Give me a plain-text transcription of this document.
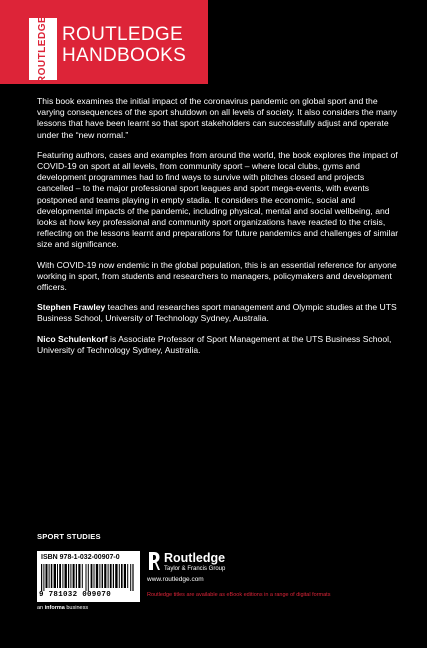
ROUTLEDGE ROUTLEDGE
HANDBOOKS

This book examines the initial impact of the coronavirus pandemic on global sport and the varying consequences of the sport shutdown on all levels of society. It also considers the many lessons that have been learnt so that sport stakeholders can successfully adjust and operate under the “new normal.”

Featuring authors, cases and examples from around the world, the book explores the impact of COVID-19 on sport at all levels, from community sport – where local clubs, gyms and development programmes had to find ways to survive with pitches closed and projects cancelled – to the major professional sport leagues and sport mega-events, with events postponed and teams playing in empty stadia. It considers the economic, social and developmental impacts of the pandemic, including physical, mental and social wellbeing, and looks at how key professional and community sport organizations have reacted to the crisis, reflecting on the lessons learnt and preparations for future pandemics and challenges of similar size and significance.

With COVID-19 now endemic in the global population, this is an essential reference for anyone working in sport, from students and researchers to managers, policymakers and development officers.

Stephen Frawley teaches and researches sport management and Olympic studies at the UTS Business School, University of Technology Sydney, Australia.

Nico Schulenkorf is Associate Professor of Sport Management at the UTS Business School, University of Technology Sydney, Australia.

SPORT STUDIES
ISBN 978-1-032-00907-0
9 781032 009070
an informa business
Routledge
Taylor & Francis Group
www.routledge.com
Routledge titles are available as eBook editions in a range of digital formats
